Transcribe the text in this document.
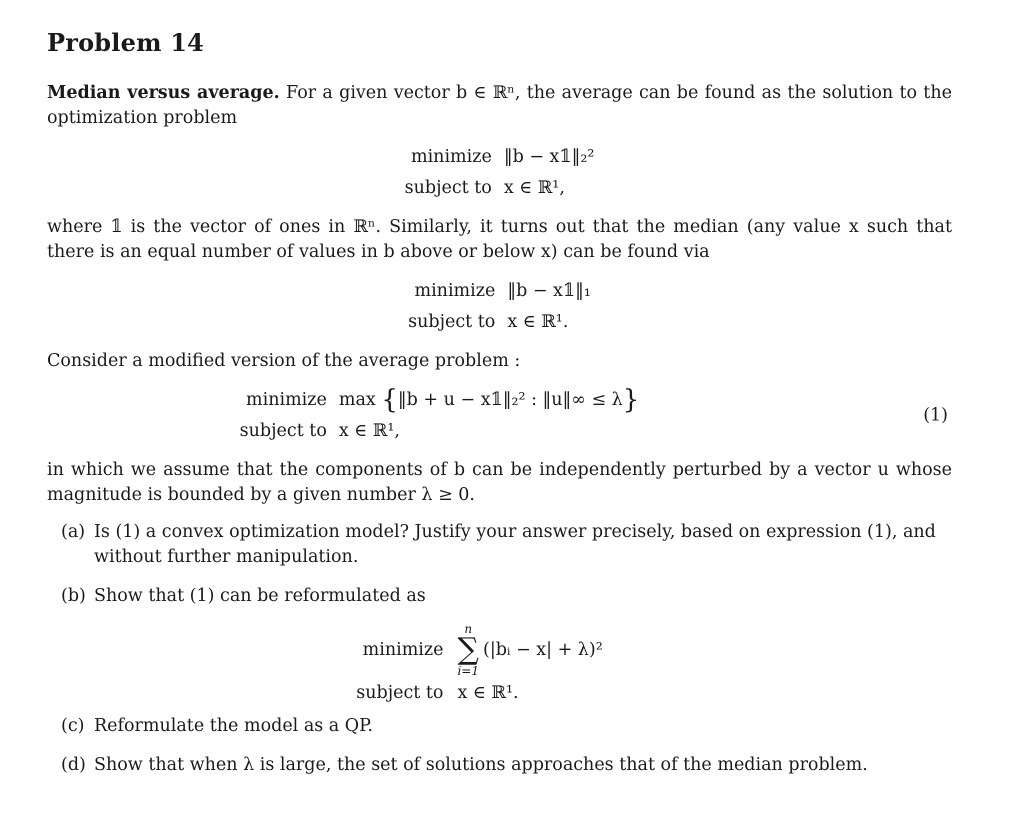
Problem 14

Median versus average. For a given vector b ∈ ℝⁿ, the average can be found as the solution to the optimization problem

minimize ‖b − x𝟙‖₂²
subject to x ∈ ℝ¹,

where 𝟙 is the vector of ones in ℝⁿ. Similarly, it turns out that the median (any value x such that there is an equal number of values in b above or below x) can be found via

minimize ‖b − x𝟙‖₁
subject to x ∈ ℝ¹.

Consider a modified version of the average problem :

minimize max {‖b + u − x𝟙‖₂² : ‖u‖∞ ≤ λ}
subject to x ∈ ℝ¹,
(1)

in which we assume that the components of b can be independently perturbed by a vector u whose magnitude is bounded by a given number λ ≥ 0.

(a) Is (1) a convex optimization model? Justify your answer precisely, based on expression (1), and without further manipulation.
(b) Show that (1) can be reformulated as
minimize
n
∑
i=1
(|bᵢ − x| + λ)²
subject to x ∈ ℝ¹.
(c) Reformulate the model as a QP.
(d) Show that when λ is large, the set of solutions approaches that of the median problem.
